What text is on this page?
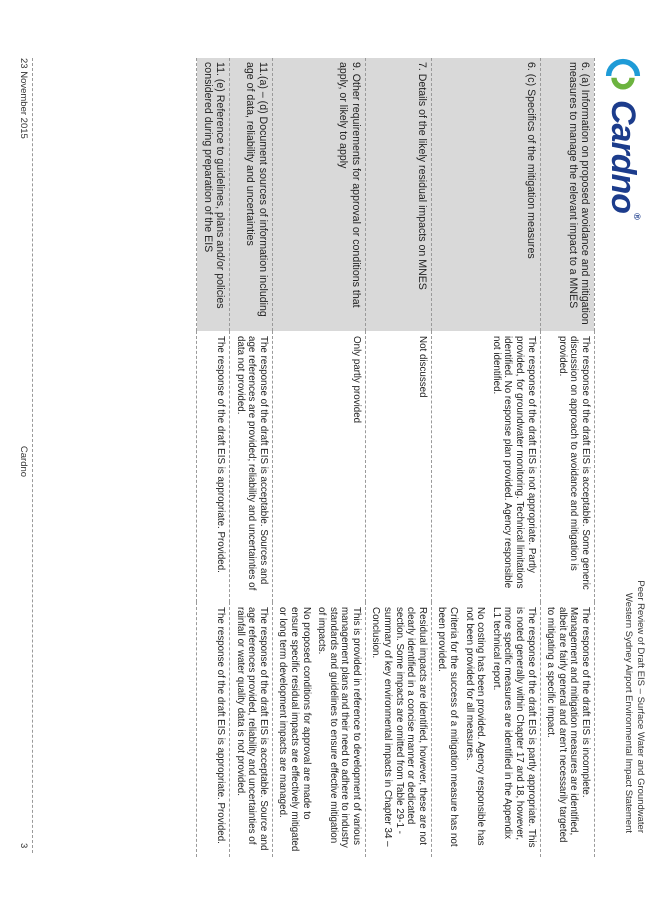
Cardno®
Peer Review of Draft EIS – Surface Water and Groundwater
Western Sydney Airport Environmental Impact Statement
6. (a) Information on proposed avoidance and mitigation measures to manage the relevant impact to a MNES	The response of the draft EIS is acceptable. Some generic discussion on approach to avoidance and mitigation is provided.	The response of the draft EIS is incomplete. Management and mitigation measures are identified, albeit are fairly general and aren't necessarily targeted to mitigating a specific impact.

6. (c) Specifics of the mitigation measures	The response of the draft EIS is not appropriate. Partly provided, for groundwater monitoring. Technical limitations identified. No response plan provided. Agency responsible not identified.	The response of the draft EIS is partly appropriate. This is noted generally within Chapter 17 and 18, however, more specific measures are identified in the Appendix L1 technical report.

No costing has been provided. Agency responsible has not been provided for all measures.

Criteria for the success of a mitigation measure has not been provided.

7. Details of the likely residual impacts on MNES	Not discussed	Residual impacts are identified, however, these are not clearly identified in a concise manner or dedicated section. Some impacts are omitted from Table 29-1 - summary of key environmental impacts in Chapter 34 – Conclusion.

9. Other requirements for approval or conditions that apply, or likely to apply	Only partly provided	This is provided in reference to development of various management plans and their need to adhere to industry standards and guidelines to ensure effective mitigation of impacts.

No proposed conditions for approval are made to ensure specific residual impacts are effectively mitigated or long term development impacts are managed.

11.(a) – (d) Document sources of information including age of data, reliability and uncertainties	The response of the draft EIS is acceptable. Sources and age references are provided; reliability and uncertainties of data not provided.	The response of the draft EIS is acceptable. Source and age references provided, reliability and uncertainties of rainfall or water quality data is not provided.

11. (e) Reference to guidelines, plans and/or policies considered during preparation of the EIS	The response of the draft EIS is appropriate. Provided.	The response of the draft EIS is appropriate. Provided.

23 November 2015
Cardno
3
